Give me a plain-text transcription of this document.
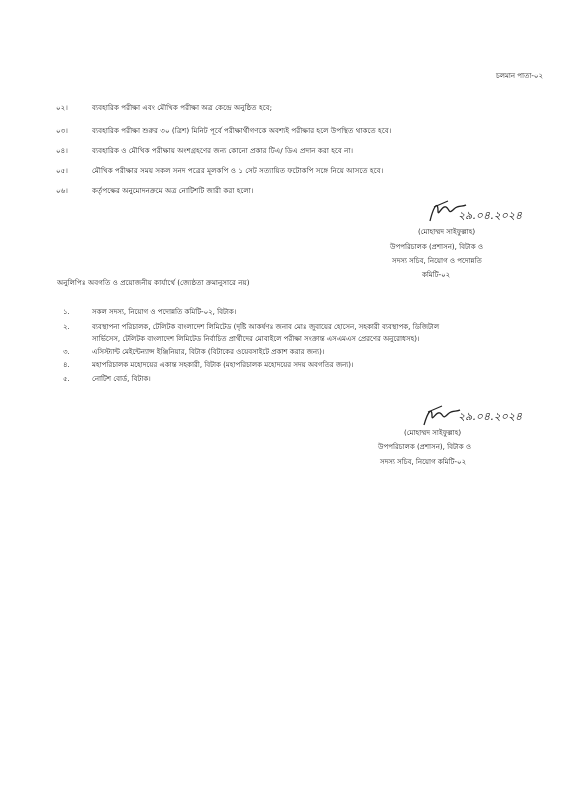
চলমান পাতা-০২
০২।	ব্যবহারিক পরীক্ষা এবং মৌখিক পরীক্ষা অত্র কেন্দ্রে অনুষ্ঠিত হবে;
০৩।	ব্যবহারিক পরীক্ষা শুরুর ৩০ (ত্রিশ) মিনিট পূর্বে পরীক্ষার্থীগণকে অবশ্যই পরীক্ষার হলে উপস্থিত থাকতে হবে।
০৪।	ব্যবহারিক ও মৌখিক পরীক্ষায় অংশগ্রহণের জন্য কোনো প্রকার টিএ/ ডিএ প্রদান করা হবে না।
০৫।	মৌখিক পরীক্ষার সময় সকল সনদ পত্রের মূলকপি ও ১ সেট সত্যায়িত ফটোকপি সঙ্গে নিয়ে আসতে হবে।
০৬।	কর্তৃপক্ষের অনুমোদনক্রমে অত্র নোটিশটি জারী করা হলো।
২৯.০৪.২০২৪
(মোহাম্মদ সাইফুল্লাহ)
উপপরিচালক (প্রশাসন), বিটাক ও
সদস্য সচিব, নিয়োগ ও পদোন্নতি
কমিটি-০২
অনুলিপিঃ অবগতি ও প্রয়োজনীয় কার্যার্থে (জ্যেষ্ঠতা ক্রমানুসারে নয়)
১.	সকল সদস্য, নিয়োগ ও পদোন্নতি কমিটি-০২, বিটাক।
২.	ব্যবস্থাপনা পরিচালক, টেলিটক বাংলাদেশ লিমিটেড (দৃষ্টি আকর্ষণঃ জনাব মোঃ জুবায়ের হোসেন, সহকারী ব্যবস্থাপক, ডিজিটাল
সার্ভিসেস, টেলিটক বাংলাদেশ লিমিটেড নির্বাচিত প্রার্থীদের মোবাইলে পরীক্ষা সংক্রান্ত এসএমএস প্রেরণের অনুরোধসহ)।
৩.	এসিস্ট্যান্ট মেইন্টেন্যান্স ইঞ্জিনিয়ার, বিটাক (বিটাকের ওয়েবসাইটে প্রকাশ করার জন্য)।
৪.	মহাপরিচালক মহোদয়ের একান্ত সহকারী, বিটাক (মহাপরিচালক মহোদয়ের সদয় অবগতির জন্য)।
৫.	নোটিশ বোর্ড, বিটাক।
২৯.০৪.২০২৪
(মোহাম্মদ সাইফুল্লাহ)
উপপরিচালক (প্রশাসন), বিটাক ও
সদস্য সচিব, নিয়োগ কমিটি-০২
